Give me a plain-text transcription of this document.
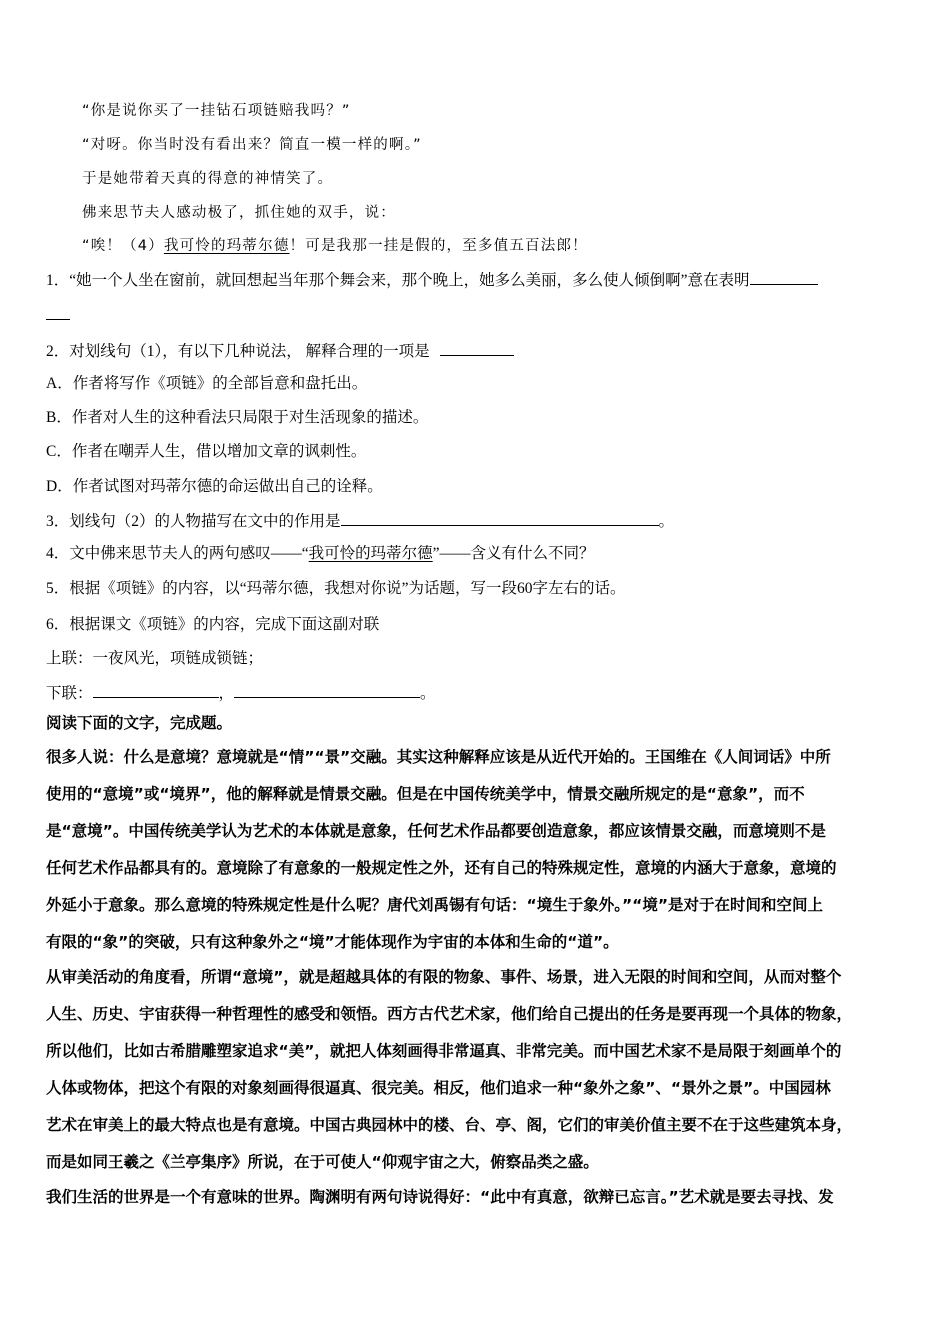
“你是说你买了一挂钻石项链赔我吗？”
“对呀。你当时没有看出来？简直一模一样的啊。”
于是她带着天真的得意的神情笑了。
佛来思节夫人感动极了，抓住她的双手，说：
“唉！（4）我可怜的玛蒂尔德！可是我那一挂是假的，至多值五百法郎！
1．“她一个人坐在窗前，就回想起当年那个舞会来，那个晚上，她多么美丽，多么使人倾倒啊”意在表明
2．对划线句（1），有以下几种说法， 解释合理的一项是
A．作者将写作《项链》的全部旨意和盘托出。
B．作者对人生的这种看法只局限于对生活现象的描述。
C．作者在嘲弄人生，借以增加文章的讽刺性。
D．作者试图对玛蒂尔德的命运做出自己的诠释。
3．划线句（2）的人物描写在文中的作用是	。
4．文中佛来思节夫人的两句感叹——“我可怜的玛蒂尔德”——含义有什么不同？
5．根据《项链》的内容，以“玛蒂尔德，我想对你说”为话题，写一段60字左右的话。
6．根据课文《项链》的内容，完成下面这副对联
上联：一夜风光，项链成锁链；
下联：	，	。
阅读下面的文字，完成题。
很多人说：什么是意境？意境就是“情”“景”交融。其实这种解释应该是从近代开始的。王国维在《人间词话》中所
使用的“意境”或“境界”，他的解释就是情景交融。但是在中国传统美学中，情景交融所规定的是“意象”，而不
是“意境”。中国传统美学认为艺术的本体就是意象，任何艺术作品都要创造意象，都应该情景交融，而意境则不是
任何艺术作品都具有的。意境除了有意象的一般规定性之外，还有自己的特殊规定性，意境的内涵大于意象，意境的
外延小于意象。那么意境的特殊规定性是什么呢？唐代刘禹锡有句话：“境生于象外。”“境”是对于在时间和空间上
有限的“象”的突破，只有这种象外之“境”才能体现作为宇宙的本体和生命的“道”。
从审美活动的角度看，所谓“意境”，就是超越具体的有限的物象、事件、场景，进入无限的时间和空间，从而对整个
人生、历史、宇宙获得一种哲理性的感受和领悟。西方古代艺术家，他们给自己提出的任务是要再现一个具体的物象，
所以他们，比如古希腊雕塑家追求“美”，就把人体刻画得非常逼真、非常完美。而中国艺术家不是局限于刻画单个的
人体或物体，把这个有限的对象刻画得很逼真、很完美。相反，他们追求一种“象外之象”、“景外之景”。中国园林
艺术在审美上的最大特点也是有意境。中国古典园林中的楼、台、亭、阁，它们的审美价值主要不在于这些建筑本身，
而是如同王羲之《兰亭集序》所说，在于可使人“仰观宇宙之大，俯察品类之盛。
我们生活的世界是一个有意味的世界。陶渊明有两句诗说得好：“此中有真意，欲辩已忘言。”艺术就是要去寻找、发
